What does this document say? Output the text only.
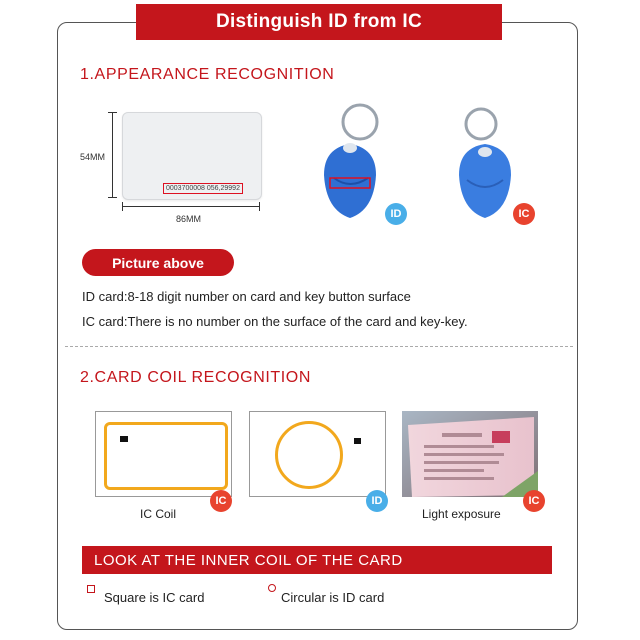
Distinguish ID from IC
1.APPEARANCE RECOGNITION
0003700008 056,29992
54MM
86MM	ID	IC
Picture above
ID card:8-18 digit number on card and key button surface
IC card:There is no number on the surface of the card and key-key.
2.CARD COIL RECOGNITION
IC
IC Coil
ID	IC
Light exposure
LOOK AT THE INNER COIL OF THE CARD
Square is IC card	Circular is ID card
